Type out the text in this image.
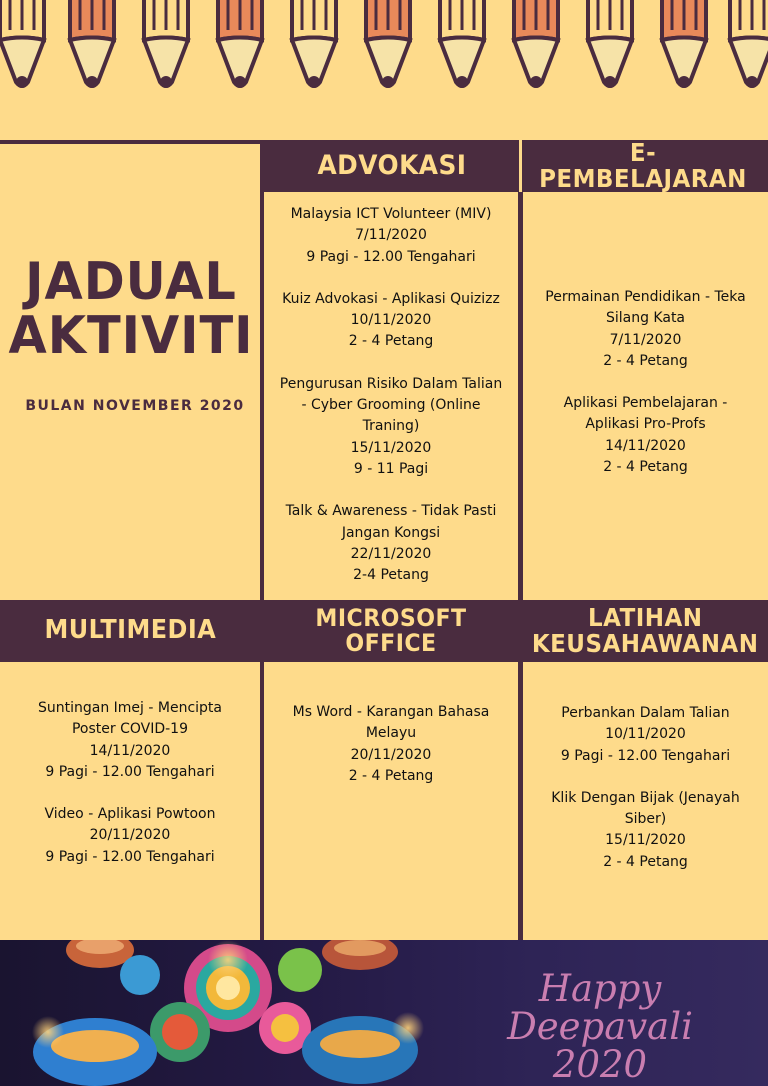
ADVOKASI	E-PEMBELAJARAN
JADUAL
AKTIVITI
BULAN NOVEMBER 2020
Malaysia ICT Volunteer (MIV)
7/11/2020
9 Pagi - 12.00 Tengahari
Kuiz Advokasi - Aplikasi Quizizz
10/11/2020
2 - 4 Petang
Pengurusan Risiko Dalam Talian
- Cyber Grooming (Online
Traning)
15/11/2020
9 - 11 Pagi
Talk & Awareness - Tidak Pasti
Jangan Kongsi
22/11/2020
2-4 Petang
Permainan Pendidikan - Teka
Silang Kata
7/11/2020
2 - 4 Petang
Aplikasi Pembelajaran -
Aplikasi Pro-Profs
14/11/2020
2 - 4 Petang
MULTIMEDIA	MICROSOFT OFFICE
LATIHAN
KEUSAHAWANAN
Suntingan Imej - Mencipta
Poster COVID-19
14/11/2020
9 Pagi - 12.00 Tengahari
Video - Aplikasi Powtoon
20/11/2020
9 Pagi - 12.00 Tengahari
Ms Word - Karangan Bahasa
Melayu
20/11/2020
2 - 4 Petang
Perbankan Dalam Talian
10/11/2020
9 Pagi - 12.00 Tengahari
Klik Dengan Bijak (Jenayah
Siber)
15/11/2020
2 - 4 Petang
Happy Deepavali
2020
